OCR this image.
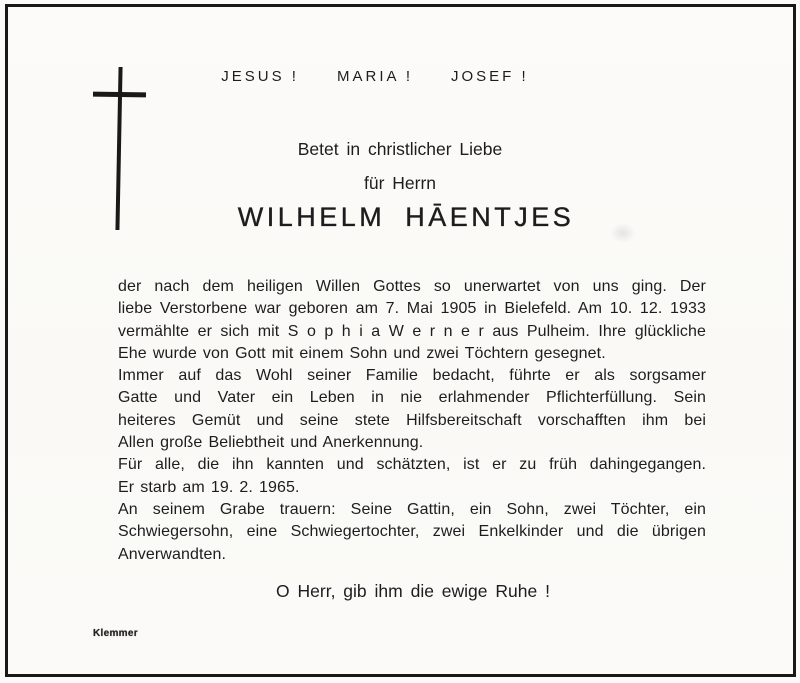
JESUS !	MARIA !	JOSEF !
Betet in christlicher Liebe
für Herrn
WILHELM HĀENTJES
der nach dem heiligen Willen Gottes so unerwartet von uns ging. Der
liebe Verstorbene war geboren am 7. Mai 1905 in Bielefeld. Am 10. 12. 1933
vermählte er sich mit S o p h i a W e r n e r aus Pulheim. Ihre glückliche
Ehe wurde von Gott mit einem Sohn und zwei Töchtern gesegnet.
Immer auf das Wohl seiner Familie bedacht, führte er als sorgsamer
Gatte und Vater ein Leben in nie erlahmender Pflichterfüllung. Sein
heiteres Gemüt und seine stete Hilfsbereitschaft vorschafften ihm bei
Allen große Beliebtheit und Anerkennung.
Für alle, die ihn kannten und schätzten, ist er zu früh dahingegangen.
Er starb am 19. 2. 1965.
An seinem Grabe trauern: Seine Gattin, ein Sohn, zwei Töchter, ein
Schwiegersohn, eine Schwiegertochter, zwei Enkelkinder und die übrigen
Anverwandten.
O Herr, gib ihm die ewige Ruhe !
Klemmer
